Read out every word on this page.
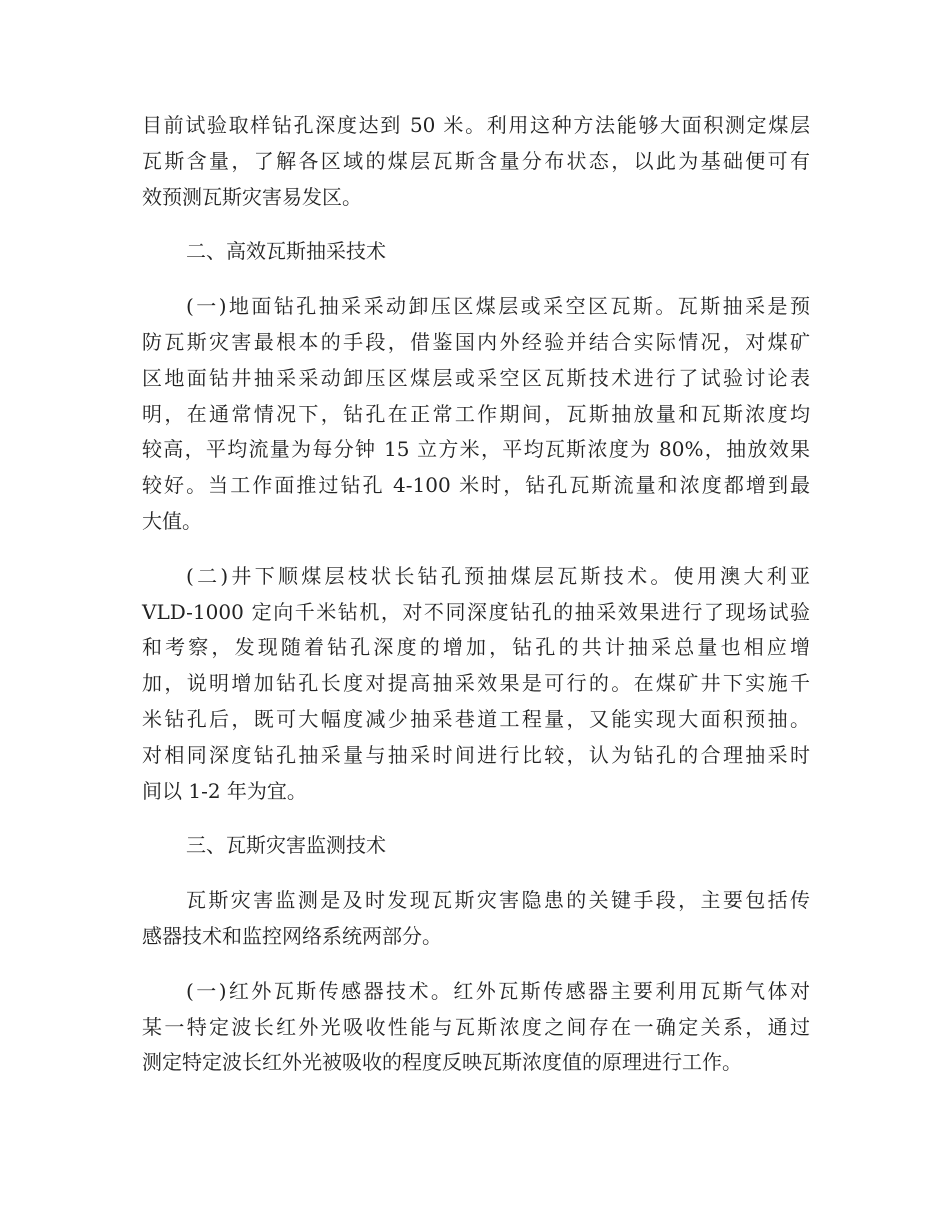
目前试验取样钻孔深度达到 50 米。利用这种方法能够大面积测定煤层
瓦斯含量，了解各区域的煤层瓦斯含量分布状态，以此为基础便可有
效预测瓦斯灾害易发区。

二、高效瓦斯抽采技术

(一)地面钻孔抽采采动卸压区煤层或采空区瓦斯。瓦斯抽采是预
防瓦斯灾害最根本的手段，借鉴国内外经验并结合实际情况，对煤矿
区地面钻井抽采采动卸压区煤层或采空区瓦斯技术进行了试验讨论表
明，在通常情况下，钻孔在正常工作期间，瓦斯抽放量和瓦斯浓度均
较高，平均流量为每分钟 15 立方米，平均瓦斯浓度为 80%，抽放效果
较好。当工作面推过钻孔 4-100 米时，钻孔瓦斯流量和浓度都增到最
大值。

(二)井下顺煤层枝状长钻孔预抽煤层瓦斯技术。使用澳大利亚
VLD-1000 定向千米钻机，对不同深度钻孔的抽采效果进行了现场试验
和考察，发现随着钻孔深度的增加，钻孔的共计抽采总量也相应增
加，说明增加钻孔长度对提高抽采效果是可行的。在煤矿井下实施千
米钻孔后，既可大幅度减少抽采巷道工程量，又能实现大面积预抽。
对相同深度钻孔抽采量与抽采时间进行比较，认为钻孔的合理抽采时
间以 1-2 年为宜。

三、瓦斯灾害监测技术

瓦斯灾害监测是及时发现瓦斯灾害隐患的关键手段，主要包括传
感器技术和监控网络系统两部分。

(一)红外瓦斯传感器技术。红外瓦斯传感器主要利用瓦斯气体对
某一特定波长红外光吸收性能与瓦斯浓度之间存在一确定关系，通过
测定特定波长红外光被吸收的程度反映瓦斯浓度值的原理进行工作。
